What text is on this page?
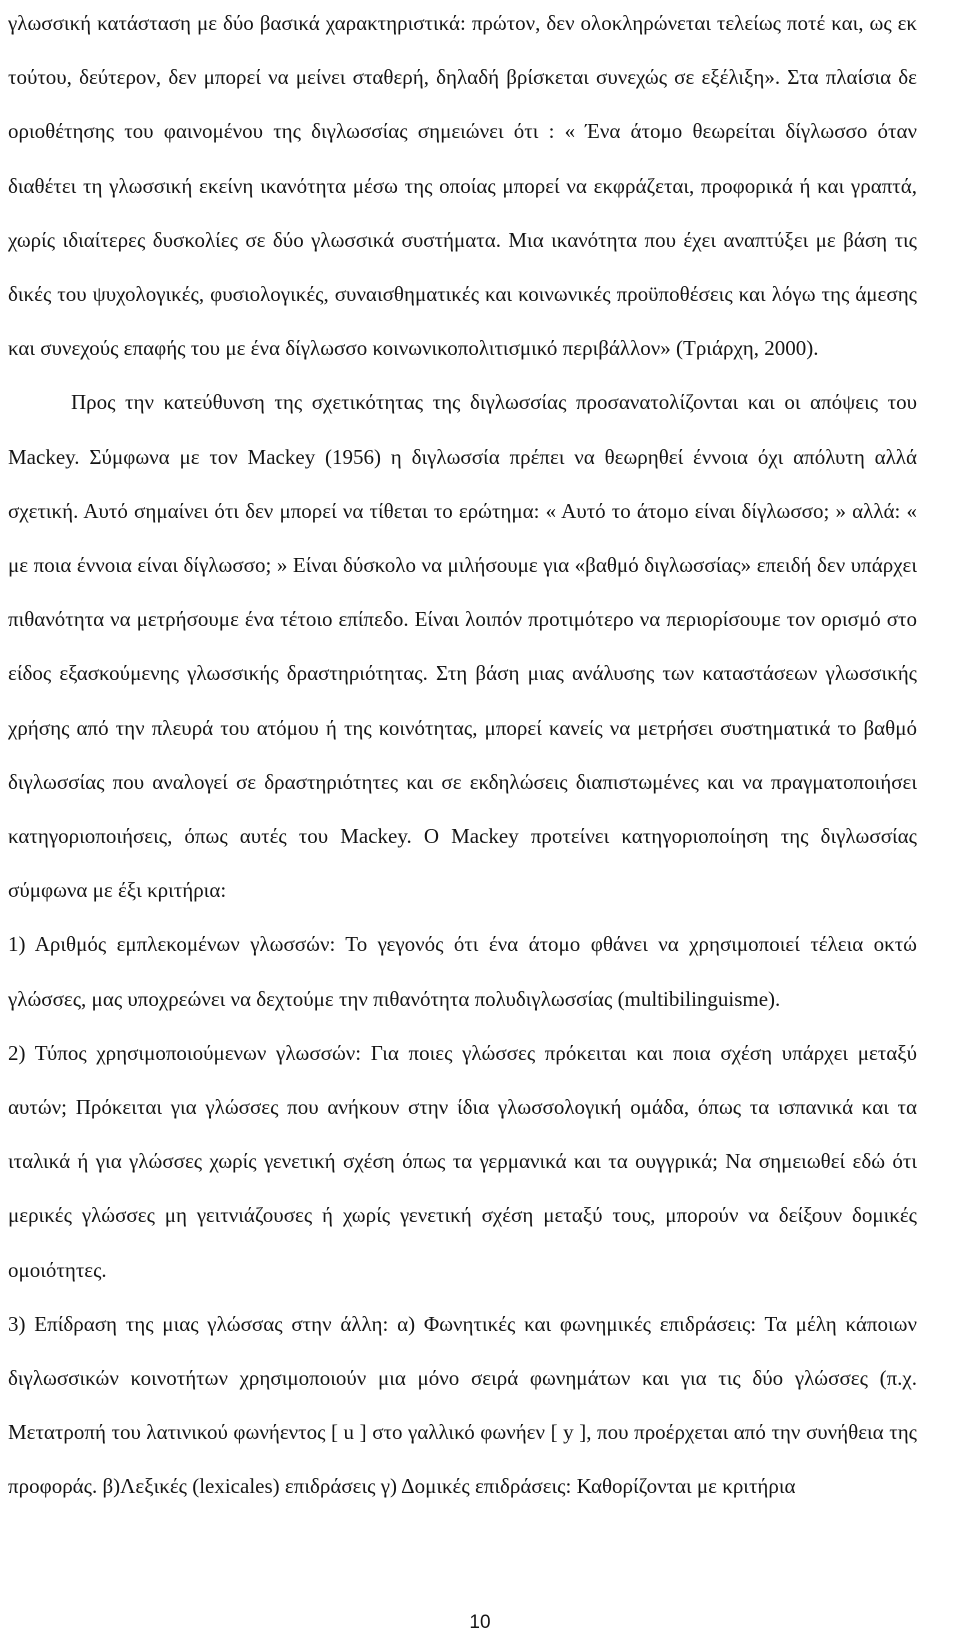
γλωσσική κατάσταση με δύο βασικά χαρακτηριστικά: πρώτον, δεν ολοκληρώνεται τελείως ποτέ και, ως εκ τούτου, δεύτερον, δεν μπορεί να μείνει σταθερή, δηλαδή βρίσκεται συνεχώς σε εξέλιξη». Στα πλαίσια δε οριοθέτησης του φαινομένου της διγλωσσίας σημειώνει ότι : « Ένα άτομο θεωρείται δίγλωσσο όταν διαθέτει τη γλωσσική εκείνη ικανότητα μέσω της οποίας μπορεί να εκφράζεται, προφορικά ή και γραπτά, χωρίς ιδιαίτερες δυσκολίες σε δύο γλωσσικά συστήματα. Μια ικανότητα που έχει αναπτύξει με βάση τις δικές του ψυχολογικές, φυσιολογικές, συναισθηματικές και κοινωνικές προϋποθέσεις και λόγω της άμεσης και συνεχούς επαφής του με ένα δίγλωσσο κοινωνικοπολιτισμικό περιβάλλον» (Τριάρχη, 2000).

Προς την κατεύθυνση της σχετικότητας της διγλωσσίας προσανατολίζονται και οι απόψεις του Mackey. Σύμφωνα με τον Mackey (1956) η διγλωσσία πρέπει να θεωρηθεί έννοια όχι απόλυτη αλλά σχετική. Αυτό σημαίνει ότι δεν μπορεί να τίθεται το ερώτημα: « Αυτό το άτομο είναι δίγλωσσο; » αλλά: « με ποια έννοια είναι δίγλωσσο; » Είναι δύσκολο να μιλήσουμε για «βαθμό διγλωσσίας» επειδή δεν υπάρχει πιθανότητα να μετρήσουμε ένα τέτοιο επίπεδο. Είναι λοιπόν προτιμότερο να περιορίσουμε τον ορισμό στο είδος εξασκούμενης γλωσσικής δραστηριότητας. Στη βάση μιας ανάλυσης των καταστάσεων γλωσσικής χρήσης από την πλευρά του ατόμου ή της κοινότητας, μπορεί κανείς να μετρήσει συστηματικά το βαθμό διγλωσσίας που αναλογεί σε δραστηριότητες και σε εκδηλώσεις διαπιστωμένες και να πραγματοποιήσει κατηγοριοποιήσεις, όπως αυτές του Mackey. Ο Mackey προτείνει κατηγοριοποίηση της διγλωσσίας σύμφωνα με έξι κριτήρια:

1) Αριθμός εμπλεκομένων γλωσσών: Το γεγονός ότι ένα άτομο φθάνει να χρησιμοποιεί τέλεια οκτώ γλώσσες, μας υποχρεώνει να δεχτούμε την πιθανότητα πολυδιγλωσσίας (multibilinguisme).

2) Τύπος χρησιμοποιούμενων γλωσσών: Για ποιες γλώσσες πρόκειται και ποια σχέση υπάρχει μεταξύ αυτών; Πρόκειται για γλώσσες που ανήκουν στην ίδια γλωσσολογική ομάδα, όπως τα ισπανικά και τα ιταλικά ή για γλώσσες χωρίς γενετική σχέση όπως τα γερμανικά και τα ουγγρικά; Να σημειωθεί εδώ ότι μερικές γλώσσες μη γειτνιάζουσες ή χωρίς γενετική σχέση μεταξύ τους, μπορούν να δείξουν δομικές ομοιότητες.

3) Επίδραση της μιας γλώσσας στην άλλη: α) Φωνητικές και φωνημικές επιδράσεις: Τα μέλη κάποιων διγλωσσικών κοινοτήτων χρησιμοποιούν μια μόνο σειρά φωνημάτων και για τις δύο γλώσσες (π.χ. Μετατροπή του λατινικού φωνήεντος [ u ] στο γαλλικό φωνήεν [ y ], που προέρχεται από την συνήθεια της προφοράς. β)Λεξικές (lexicales) επιδράσεις γ) Δομικές επιδράσεις: Καθορίζονται με κριτήρια

10
